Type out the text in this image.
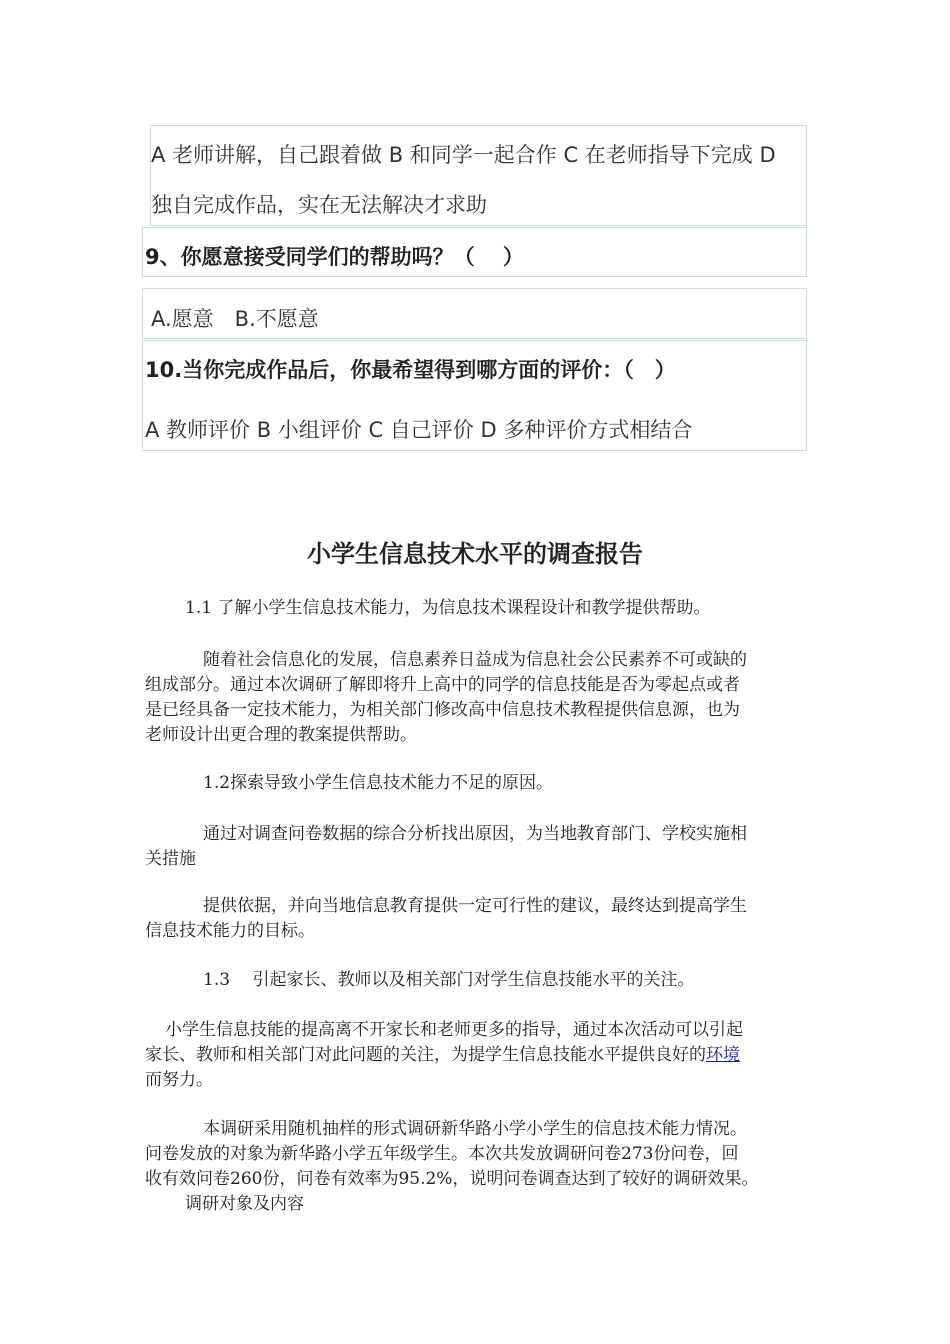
A 老师讲解，自己跟着做 B 和同学一起合作 C 在老师指导下完成 D
独自完成作品，实在无法解决才求助
9、你愿意接受同学们的帮助吗？（　 ）
A.愿意　B.不愿意
10.当你完成作品后，你最希望得到哪方面的评价：（　）
A 教师评价 B 小组评价 C 自己评价 D 多种评价方式相结合
小学生信息技术水平的调查报告
1.1 了解小学生信息技术能力，为信息技术课程设计和教学提供帮助。
随着社会信息化的发展，信息素养日益成为信息社会公民素养不可或缺的
组成部分。通过本次调研了解即将升上高中的同学的信息技能是否为零起点或者
是已经具备一定技术能力，为相关部门修改高中信息技术教程提供信息源，也为
老师设计出更合理的教案提供帮助。
1.2探索导致小学生信息技术能力不足的原因。
通过对调查问卷数据的综合分析找出原因，为当地教育部门、学校实施相
关措施
提供依据，并向当地信息教育提供一定可行性的建议，最终达到提高学生
信息技术能力的目标。
1.3　 引起家长、教师以及相关部门对学生信息技能水平的关注。
小学生信息技能的提高离不开家长和老师更多的指导，通过本次活动可以引起
家长、教师和相关部门对此问题的关注，为提学生信息技能水平提供良好的环境
而努力。
本调研采用随机抽样的形式调研新华路小学小学生的信息技术能力情况。
问卷发放的对象为新华路小学五年级学生。本次共发放调研问卷273份问卷，回
收有效问卷260份，问卷有效率为95.2%，说明问卷调查达到了较好的调研效果。
调研对象及内容
